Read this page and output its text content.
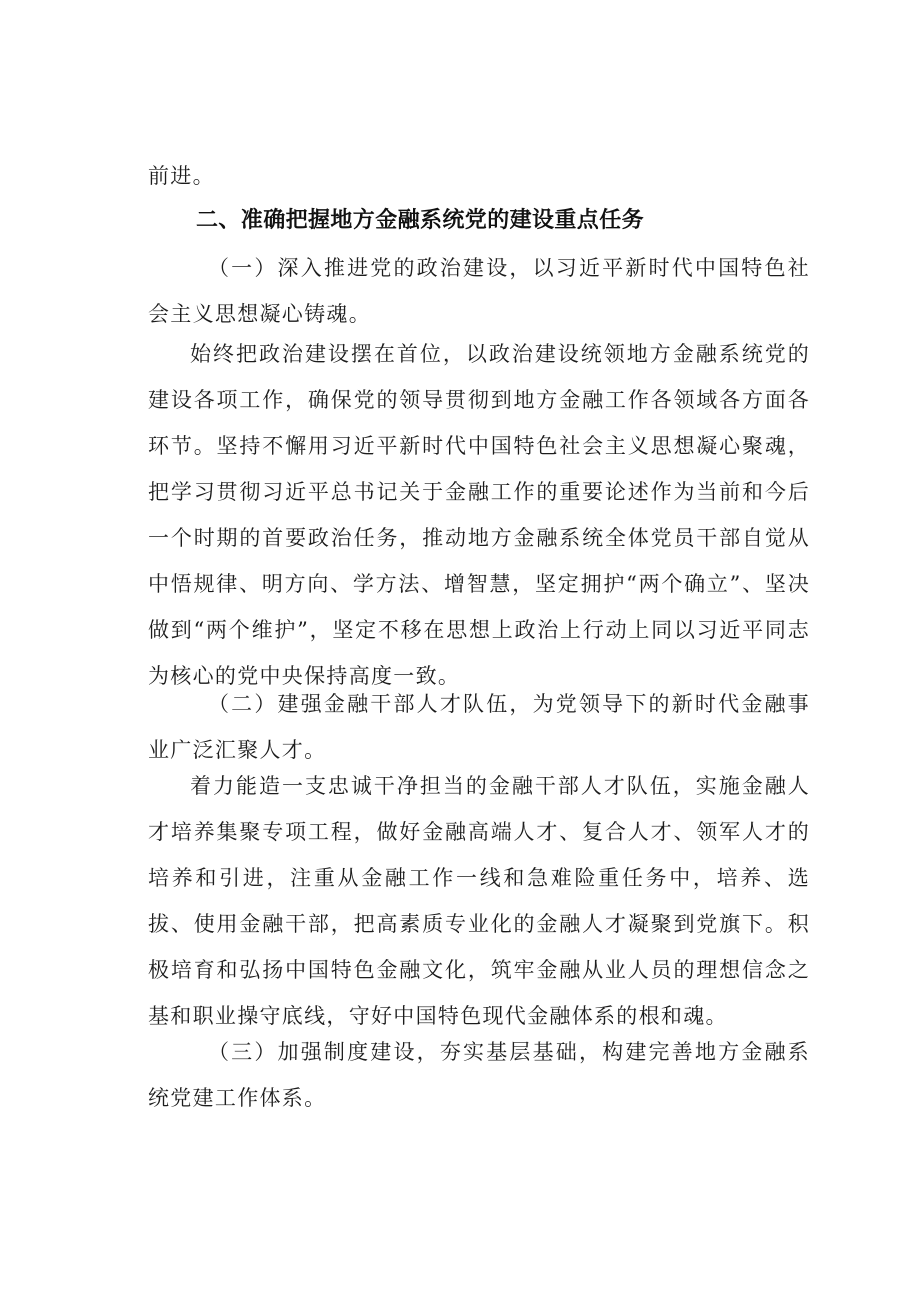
前进。
二、准确把握地方金融系统党的建设重点任务

（一）深入推进党的政治建设，以习近平新时代中国特色社会主义思想凝心铸魂。

始终把政治建设摆在首位，以政治建设统领地方金融系统党的建设各项工作，确保党的领导贯彻到地方金融工作各领域各方面各环节。坚持不懈用习近平新时代中国特色社会主义思想凝心聚魂，把学习贯彻习近平总书记关于金融工作的重要论述作为当前和今后一个时期的首要政治任务，推动地方金融系统全体党员干部自觉从中悟规律、明方向、学方法、增智慧，坚定拥护“两个确立”、坚决做到“两个维护”，坚定不移在思想上政治上行动上同以习近平同志为核心的党中央保持高度一致。

（二）建强金融干部人才队伍，为党领导下的新时代金融事业广泛汇聚人才。

着力能造一支忠诚干净担当的金融干部人才队伍，实施金融人才培养集聚专项工程，做好金融高端人才、复合人才、领军人才的培养和引进，注重从金融工作一线和急难险重任务中，培养、选拔、使用金融干部，把高素质专业化的金融人才凝聚到党旗下。积极培育和弘扬中国特色金融文化，筑牢金融从业人员的理想信念之基和职业操守底线，守好中国特色现代金融体系的根和魂。

（三）加强制度建设，夯实基层基础，构建完善地方金融系统党建工作体系。
